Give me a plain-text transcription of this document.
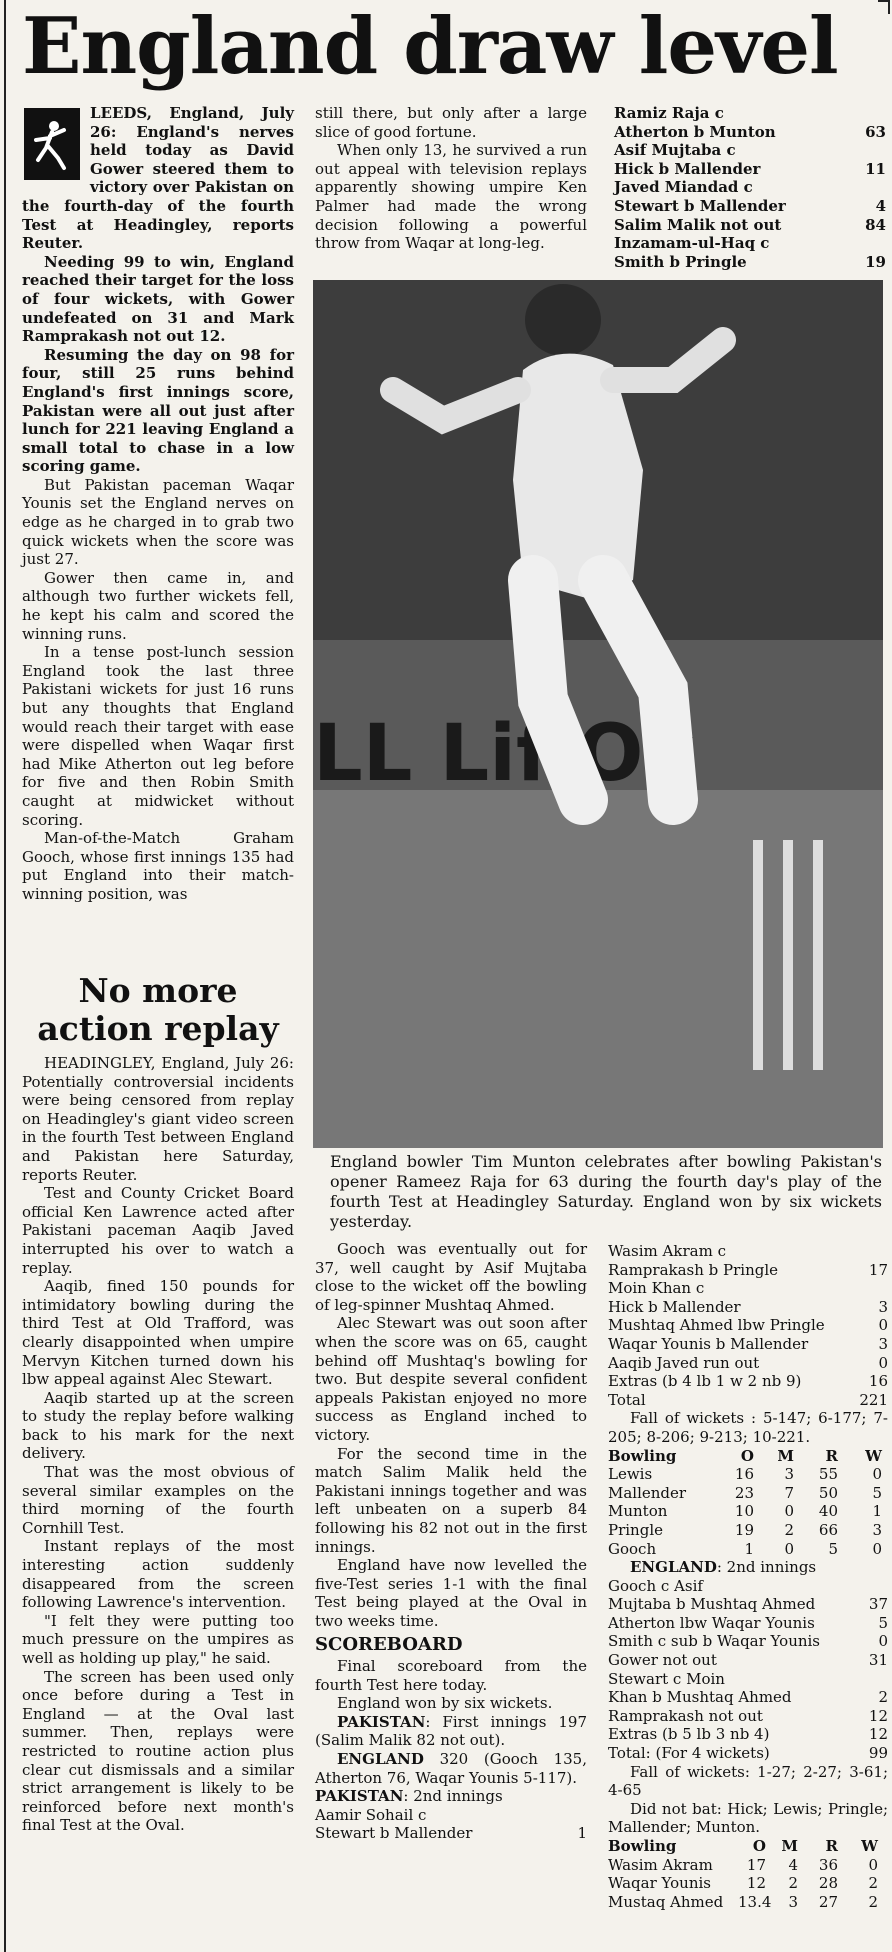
England draw level

LEEDS, England, July 26: England's nerves held today as David Gower steered them to victory over Pakistan on the fourth-day of the fourth Test at Headingley, reports Reuter.

Needing 99 to win, England reached their target for the loss of four wickets, with Gower undefeated on 31 and Mark Ramprakash not out 12.

Resuming the day on 98 for four, still 25 runs behind England's first innings score, Pakistan were all out just after lunch for 221 leaving England a small total to chase in a low scoring game.

But Pakistan paceman Waqar Younis set the England nerves on edge as he charged in to grab two quick wickets when the score was just 27.

Gower then came in, and although two further wickets fell, he kept his calm and scored the winning runs.

In a tense post-lunch session England took the last three Pakistani wickets for just 16 runs but any thoughts that England would reach their target with ease were dispelled when Waqar first had Mike Atherton out leg before for five and then Robin Smith caught at midwicket without scoring.

Man-of-the-Match Graham Gooch, whose first innings 135 had put England into their match-winning position, was

No more action replay

HEADINGLEY, England, July 26: Potentially controversial incidents were being censored from replay on Headingley's giant video screen in the fourth Test between England and Pakistan here Saturday, reports Reuter.

Test and County Cricket Board official Ken Lawrence acted after Pakistani paceman Aaqib Javed interrupted his over to watch a replay.

Aaqib, fined 150 pounds for intimidatory bowling during the third Test at Old Trafford, was clearly disappointed when umpire Mervyn Kitchen turned down his lbw appeal against Alec Stewart.

Aaqib started up at the screen to study the replay before walking back to his mark for the next delivery.

That was the most obvious of several similar examples on the third morning of the fourth Cornhill Test.

Instant replays of the most interesting action suddenly disappeared from the screen following Lawrence's intervention.

"I felt they were putting too much pressure on the umpires as well as holding up play," he said.

The screen has been used only once before during a Test in England — at the Oval last summer. Then, replays were restricted to routine action plus clear cut dismissals and a similar strict arrangement is likely to be reinforced before next month's final Test at the Oval.

still there, but only after a large slice of good fortune.

When only 13, he survived a run out appeal with television replays apparently showing umpire Ken Palmer had made the wrong decision following a powerful throw from Waqar at long-leg.

Ramiz Raja c
Atherton b Munton	63
Asif Mujtaba c
Hick b Mallender	11
Javed Miandad c
Stewart b Mallender	4
Salim Malik not out	84
Inzamam-ul-Haq c
Smith b Pringle	19
LL Lif Ov
England bowler Tim Munton celebrates after bowling Pakistan's opener Rameez Raja for 63 during the fourth day's play of the fourth Test at Headingley Saturday. England won by six wickets yesterday.

Gooch was eventually out for 37, well caught by Asif Mujtaba close to the wicket off the bowling of leg-spinner Mushtaq Ahmed.

Alec Stewart was out soon after when the score was on 65, caught behind off Mushtaq's bowling for two. But despite several confident appeals Pakistan enjoyed no more success as England inched to victory.

For the second time in the match Salim Malik held the Pakistani innings together and was left unbeaten on a superb 84 following his 82 not out in the first innings.

England have now levelled the five-Test series 1-1 with the final Test being played at the Oval in two weeks time.

SCOREBOARD

Final scoreboard from the fourth Test here today.

England won by six wickets.

PAKISTAN: First innings 197 (Salim Malik 82 not out).

ENGLAND 320 (Gooch 135, Atherton 76, Waqar Younis 5-117).

PAKISTAN: 2nd innings

Aamir Sohail c

Stewart b Mallender	1
Wasim Akram c
Ramprakash b Pringle	17
Moin Khan c
Hick b Mallender	3
Mushtaq Ahmed lbw Pringle	0
Waqar Younis b Mallender	3
Aaqib Javed run out	0
Extras (b 4 lb 1 w 2 nb 9)	16
Total	221

Fall of wickets : 5-147; 6-177; 7-205; 8-206; 9-213; 10-221.

Bowling	O	M	R	W
Lewis	16	3	55	0
Mallender	23	7	50	5
Munton	10	0	40	1
Pringle	19	2	66	3
Gooch	1	0	5	0

ENGLAND: 2nd innings

Gooch c Asif
Mujtaba b Mushtaq Ahmed	37
Atherton lbw Waqar Younis	5
Smith c sub b Waqar Younis	0
Gower not out	31
Stewart c Moin
Khan b Mushtaq Ahmed	2
Ramprakash not out	12
Extras (b 5 lb 3 nb 4)	12
Total: (For 4 wickets)	99

Fall of wickets: 1-27; 2-27; 3-61; 4-65

Did not bat: Hick; Lewis; Pringle; Mallender; Munton.

Bowling	O	M	R	W
Wasim Akram	17	4	36	0
Waqar Younis	12	2	28	2
Mustaq Ahmed 13.4	3	27	2
